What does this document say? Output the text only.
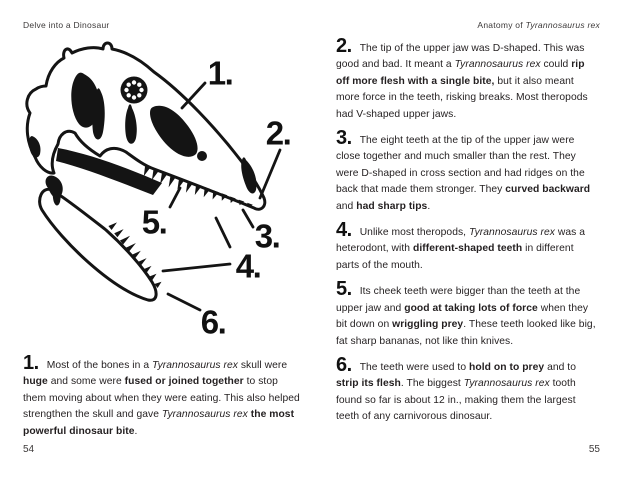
Delve into a Dinosaur
1.
2.
3.
4.
5.
6.
1. Most of the bones in a Tyrannosaurus rex skull were huge and some were fused or joined together to stop them moving about when they were eating. This also helped strengthen the skull and gave Tyrannosaurus rex the most powerful dinosaur bite.
54
Anatomy of Tyrannosaurus rex
2. The tip of the upper jaw was D-shaped. This was good and bad. It meant a Tyrannosaurus rex could rip off more flesh with a single bite, but it also meant more force in the teeth, risking breaks. Most theropods had V-shaped upper jaws.
3. The eight teeth at the tip of the upper jaw were close together and much smaller than the rest. They were D-shaped in cross section and had ridges on the back that made them stronger. They curved backward and had sharp tips.
4. Unlike most theropods, Tyrannosaurus rex was a heterodont, with different-shaped teeth in different parts of the mouth.
5. Its cheek teeth were bigger than the teeth at the upper jaw and good at taking lots of force when they bit down on wriggling prey. These teeth looked like big, fat sharp bananas, not like thin knives.
6. The teeth were used to hold on to prey and to strip its flesh. The biggest Tyrannosaurus rex tooth found so far is about 12 in., making them the largest teeth of any carnivorous dinosaur.
55
